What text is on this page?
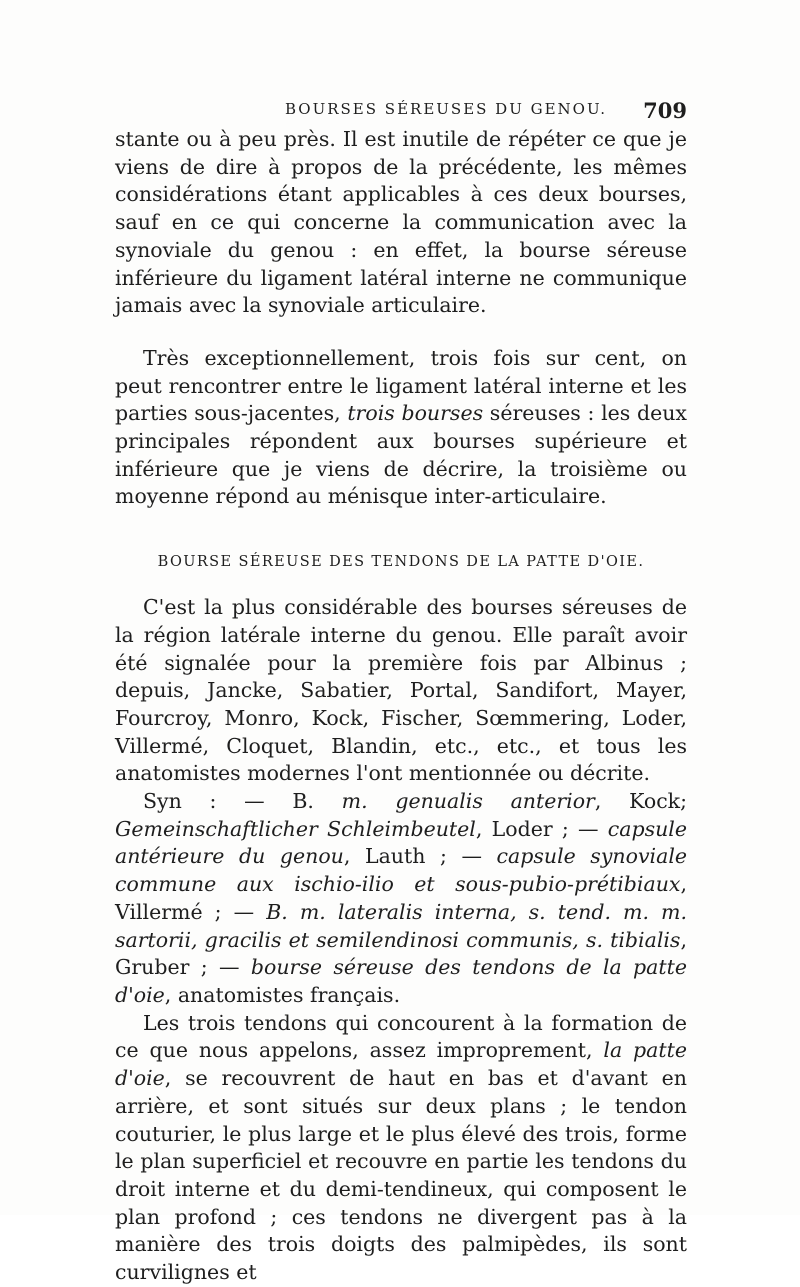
BOURSES SÉREUSES DU GENOU. 709

stante ou à peu près. Il est inutile de répéter ce que je viens de dire à propos de la précédente, les mêmes considérations étant applicables à ces deux bourses, sauf en ce qui concerne la communication avec la synoviale du genou : en effet, la bourse séreuse inférieure du ligament latéral interne ne communique jamais avec la synoviale articulaire.

Très exceptionnellement, trois fois sur cent, on peut rencontrer entre le ligament latéral interne et les parties sous-jacentes, trois bourses séreuses : les deux principales répondent aux bourses supérieure et inférieure que je viens de décrire, la troisième ou moyenne répond au ménisque inter-articulaire.

BOURSE SÉREUSE DES TENDONS DE LA PATTE D'OIE.

C'est la plus considérable des bourses séreuses de la région latérale interne du genou. Elle paraît avoir été signalée pour la première fois par Albinus ; depuis, Jancke, Sabatier, Portal, Sandifort, Mayer, Fourcroy, Monro, Kock, Fischer, Sœmmering, Loder, Villermé, Cloquet, Blandin, etc., etc., et tous les anatomistes modernes l'ont mentionnée ou décrite.

Syn : — B. m. genualis anterior, Kock; Gemeinschaftlicher Schleimbeutel, Loder ; — capsule antérieure du genou, Lauth ; — capsule synoviale commune aux ischio-ilio et sous-pubio-prétibiaux, Villermé ; — B. m. lateralis interna, s. tend. m. m. sartorii, gracilis et semilendinosi communis, s. tibialis, Gruber ; — bourse séreuse des tendons de la patte d'oie, anatomistes français.

Les trois tendons qui concourent à la formation de ce que nous appelons, assez improprement, la patte d'oie, se recouvrent de haut en bas et d'avant en arrière, et sont situés sur deux plans ; le tendon couturier, le plus large et le plus élevé des trois, forme le plan superficiel et recouvre en partie les tendons du droit interne et du demi-tendineux, qui composent le plan profond ; ces tendons ne divergent pas à la manière des trois doigts des palmipèdes, ils sont curvilignes et
